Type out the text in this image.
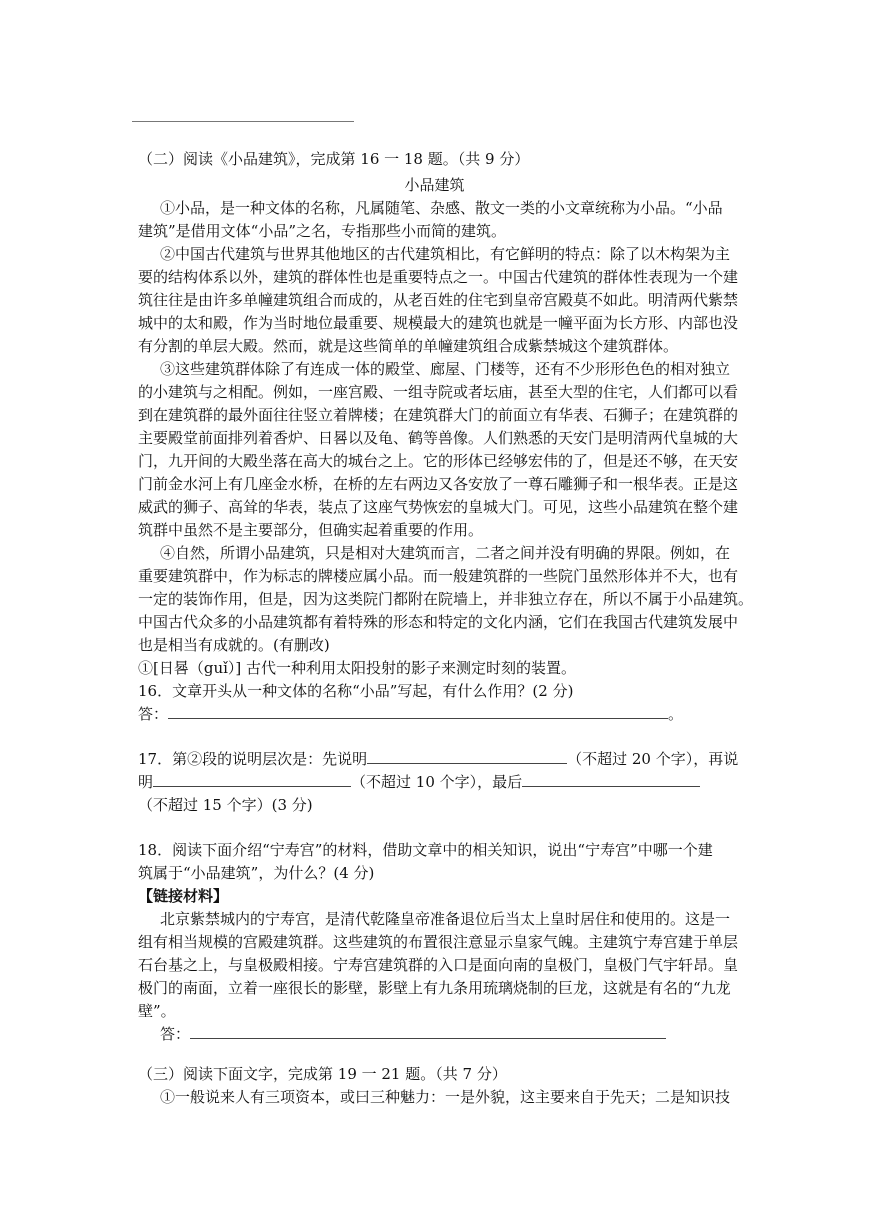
（二）阅读《小品建筑》，完成第 16 一 18 题。（共 9 分）
小品建筑
①小品，是一种文体的名称，凡属随笔、杂感、散文一类的小文章统称为小品。“小品
建筑”是借用文体“小品”之名，专指那些小而简的建筑。
②中国古代建筑与世界其他地区的古代建筑相比，有它鲜明的特点：除了以木构架为主
要的结构体系以外，建筑的群体性也是重要特点之一。中国古代建筑的群体性表现为一个建
筑往往是由许多单幢建筑组合而成的，从老百姓的住宅到皇帝宫殿莫不如此。明清两代紫禁
城中的太和殿，作为当时地位最重要、规模最大的建筑也就是一幢平面为长方形、内部也没
有分割的单层大殿。然而，就是这些简单的单幢建筑组合成紫禁城这个建筑群体。
③这些建筑群体除了有连成一体的殿堂、廊屋、门楼等，还有不少形形色色的相对独立
的小建筑与之相配。例如，一座宫殿、一组寺院或者坛庙，甚至大型的住宅，人们都可以看
到在建筑群的最外面往往竖立着牌楼；在建筑群大门的前面立有华表、石狮子；在建筑群的
主要殿堂前面排列着香炉、日晷以及龟、鹤等兽像。人们熟悉的天安门是明清两代皇城的大
门，九开间的大殿坐落在高大的城台之上。它的形体已经够宏伟的了，但是还不够，在天安
门前金水河上有几座金水桥，在桥的左右两边又各安放了一尊石雕狮子和一根华表。正是这
威武的狮子、高耸的华表，装点了这座气势恢宏的皇城大门。可见，这些小品建筑在整个建
筑群中虽然不是主要部分，但确实起着重要的作用。
④自然，所谓小品建筑，只是相对大建筑而言，二者之间并没有明确的界限。例如，在
重要建筑群中，作为标志的牌楼应属小品。而一般建筑群的一些院门虽然形体并不大，也有
一定的装饰作用，但是，因为这类院门都附在院墙上，并非独立存在，所以不属于小品建筑。
中国古代众多的小品建筑都有着特殊的形态和特定的文化内涵，它们在我国古代建筑发展中
也是相当有成就的。(有删改)
①[日晷（guǐ）] 古代一种利用太阳投射的影子来测定时刻的装置。
16．文章开头从一种文体的名称“小品”写起，有什么作用？(2 分)
答：	。
17．第②段的说明层次是：先说明	（不超过 20 个字），再说
明	（不超过 10 个字），最后
（不超过 15 个字）(3 分)
18．阅读下面介绍“宁寿宫”的材料，借助文章中的相关知识，说出“宁寿宫”中哪一个建
筑属于“小品建筑”，为什么？(4 分)
【链接材料】
北京紫禁城内的宁寿宫，是清代乾隆皇帝准备退位后当太上皇时居住和使用的。这是一
组有相当规模的宫殿建筑群。这些建筑的布置很注意显示皇家气魄。主建筑宁寿宫建于单层
石台基之上，与皇极殿相接。宁寿宫建筑群的入口是面向南的皇极门，皇极门气宇轩昂。皇
极门的南面，立着一座很长的影壁，影壁上有九条用琉璃烧制的巨龙，这就是有名的“九龙
壁”。
答：
（三）阅读下面文字，完成第 19 一 21 题。（共 7 分）
①一般说来人有三项资本，或曰三种魅力：一是外貌，这主要来自于先天；二是知识技
